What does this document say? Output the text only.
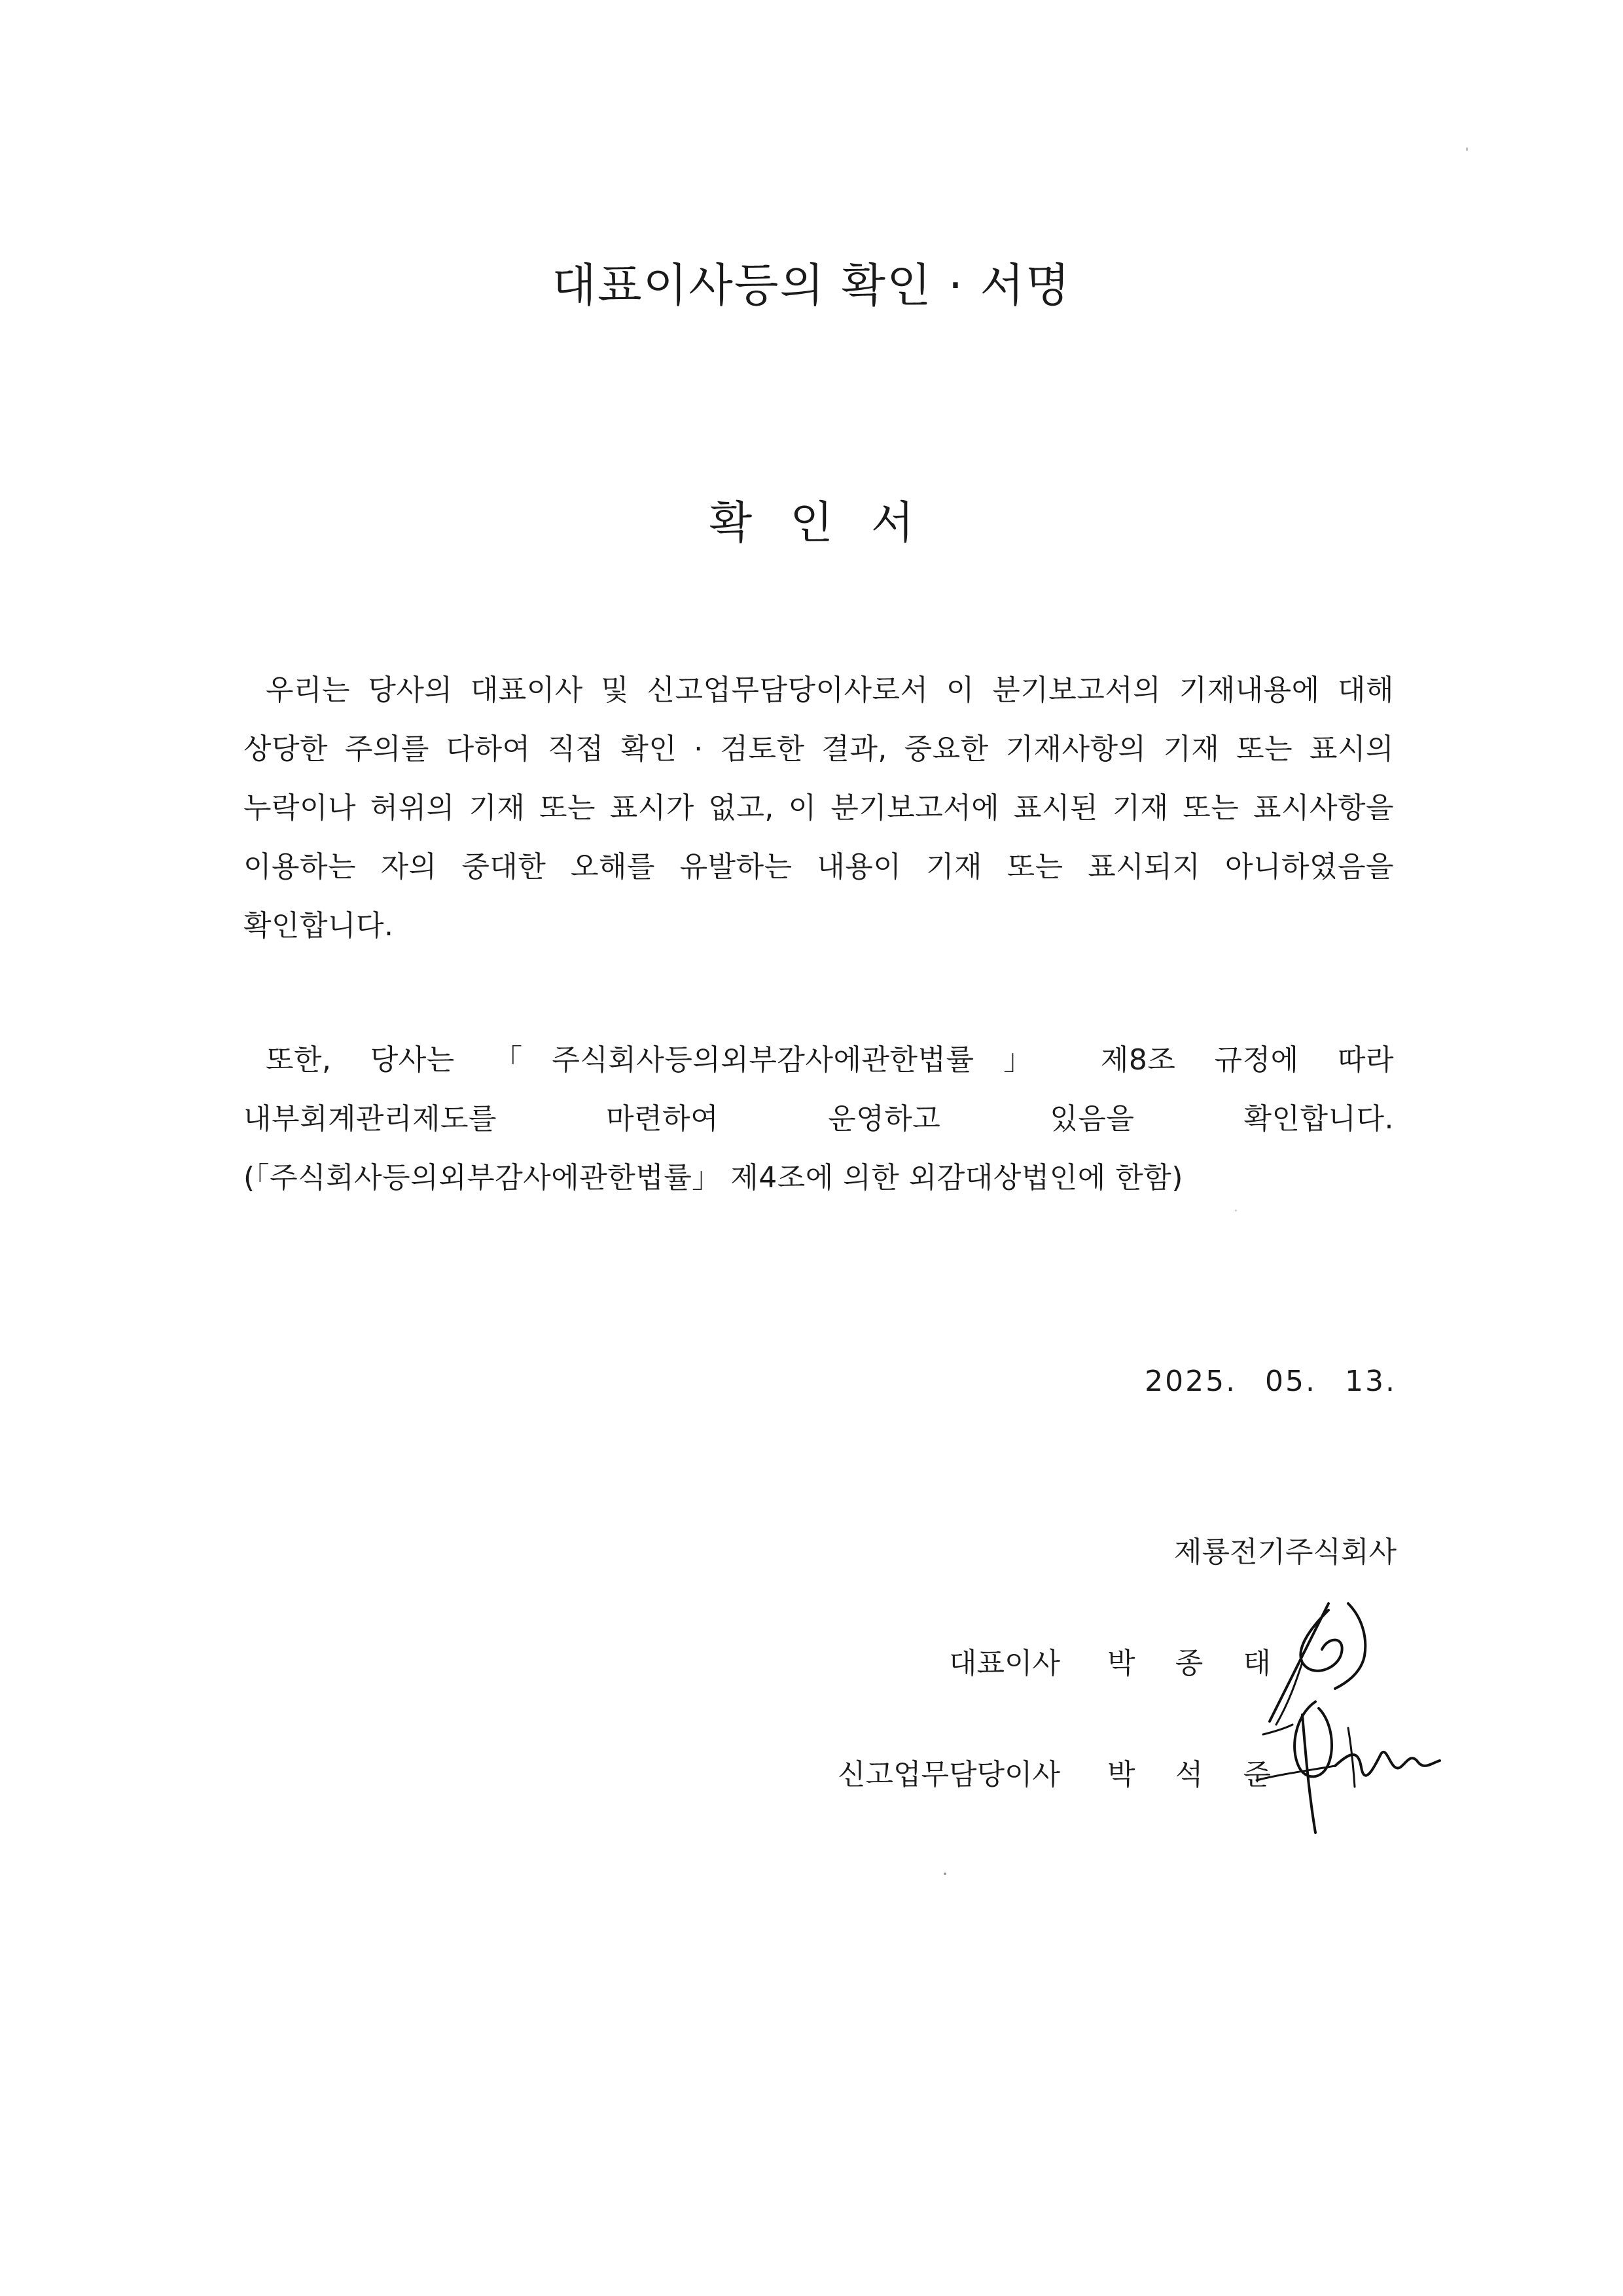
대표이사등의 확인 · 서명
확인서

우리는 당사의 대표이사 및 신고업무담당이사로서 이 분기보고서의 기재내용에 대해 상당한 주의를 다하여 직접 확인 · 검토한 결과, 중요한 기재사항의 기재 또는 표시의 누락이나 허위의 기재 또는 표시가 없고, 이 분기보고서에 표시된 기재 또는 표시사항을 이용하는 자의 중대한 오해를 유발하는 내용이 기재 또는 표시되지 아니하였음을 확인합니다.

또한, 당사는 「주식회사등의외부감사에관한법률」 제8조 규정에 따라 내부회계관리제도를 마련하여 운영하고 있음을 확인합니다.(「주식회사등의외부감사에관한법률」 제4조에 의한 외감대상법인에 한함)

2025. 05. 13.
제룡전기주식회사
대표이사 박 종 태
신고업무담당이사 박 석 준
